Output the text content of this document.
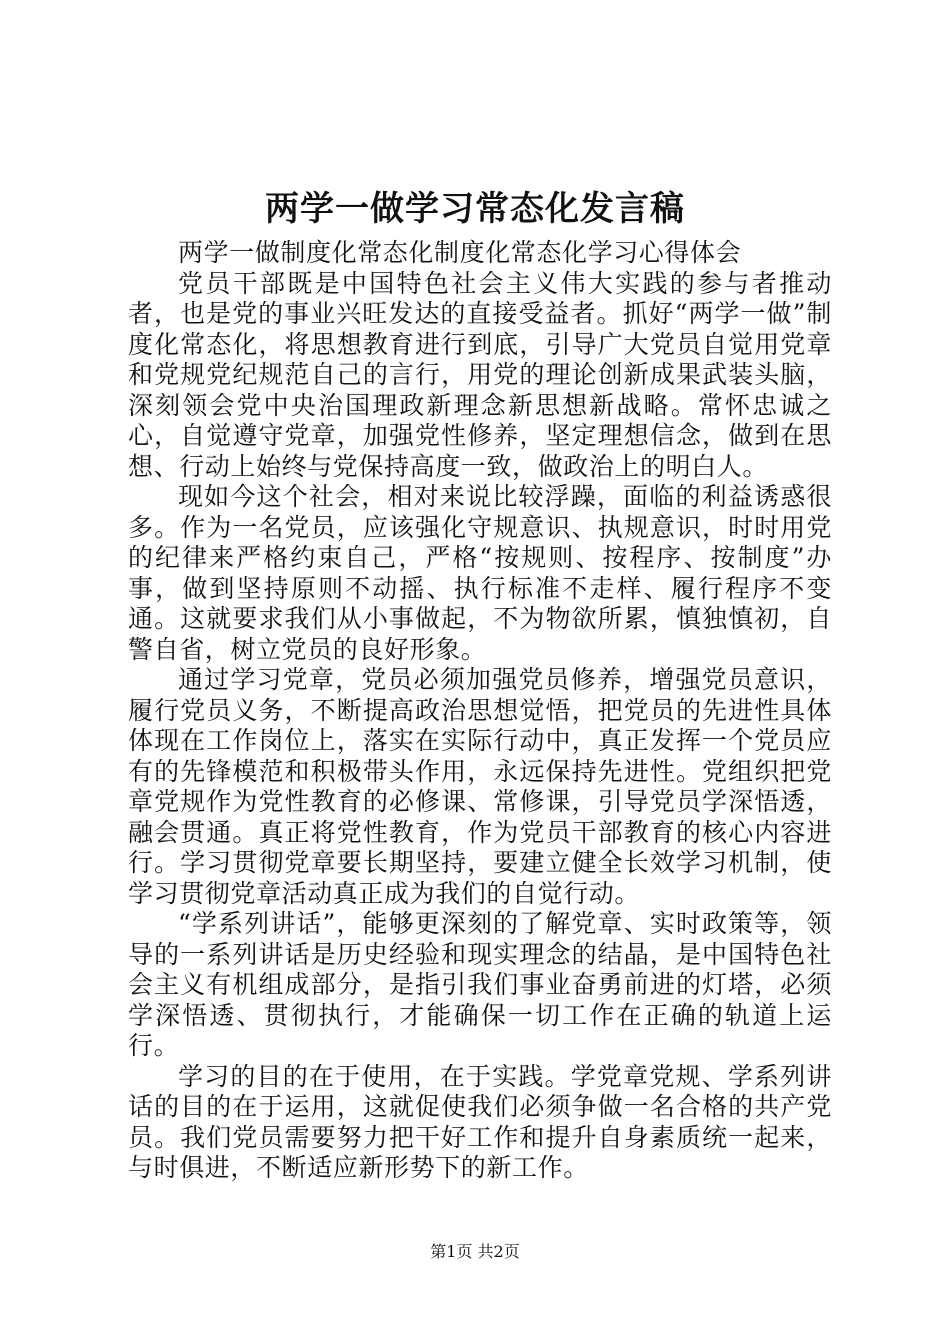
两学一做学习常态化发言稿

两学一做制度化常态化制度化常态化学习心得体会

党员干部既是中国特色社会主义伟大实践的参与者推动者，也是党的事业兴旺发达的直接受益者。抓好“两学一做”制度化常态化，将思想教育进行到底，引导广大党员自觉用党章和党规党纪规范自己的言行，用党的理论创新成果武装头脑，深刻领会党中央治国理政新理念新思想新战略。常怀忠诚之心，自觉遵守党章，加强党性修养，坚定理想信念，做到在思想、行动上始终与党保持高度一致，做政治上的明白人。

现如今这个社会，相对来说比较浮躁，面临的利益诱惑很多。作为一名党员，应该强化守规意识、执规意识，时时用党的纪律来严格约束自己，严格“按规则、按程序、按制度”办事，做到坚持原则不动摇、执行标准不走样、履行程序不变通。这就要求我们从小事做起，不为物欲所累，慎独慎初，自警自省，树立党员的良好形象。

通过学习党章，党员必须加强党员修养，增强党员意识，履行党员义务，不断提高政治思想觉悟，把党员的先进性具体体现在工作岗位上，落实在实际行动中，真正发挥一个党员应有的先锋模范和积极带头作用，永远保持先进性。党组织把党章党规作为党性教育的必修课、常修课，引导党员学深悟透，融会贯通。真正将党性教育，作为党员干部教育的核心内容进行。学习贯彻党章要长期坚持，要建立健全长效学习机制，使学习贯彻党章活动真正成为我们的自觉行动。

“学系列讲话”，能够更深刻的了解党章、实时政策等，领导的一系列讲话是历史经验和现实理念的结晶，是中国特色社会主义有机组成部分，是指引我们事业奋勇前进的灯塔，必须学深悟透、贯彻执行，才能确保一切工作在正确的轨道上运行。

学习的目的在于使用，在于实践。学党章党规、学系列讲话的目的在于运用，这就促使我们必须争做一名合格的共产党员。我们党员需要努力把干好工作和提升自身素质统一起来，与时俱进，不断适应新形势下的新工作。

第1页 共2页
